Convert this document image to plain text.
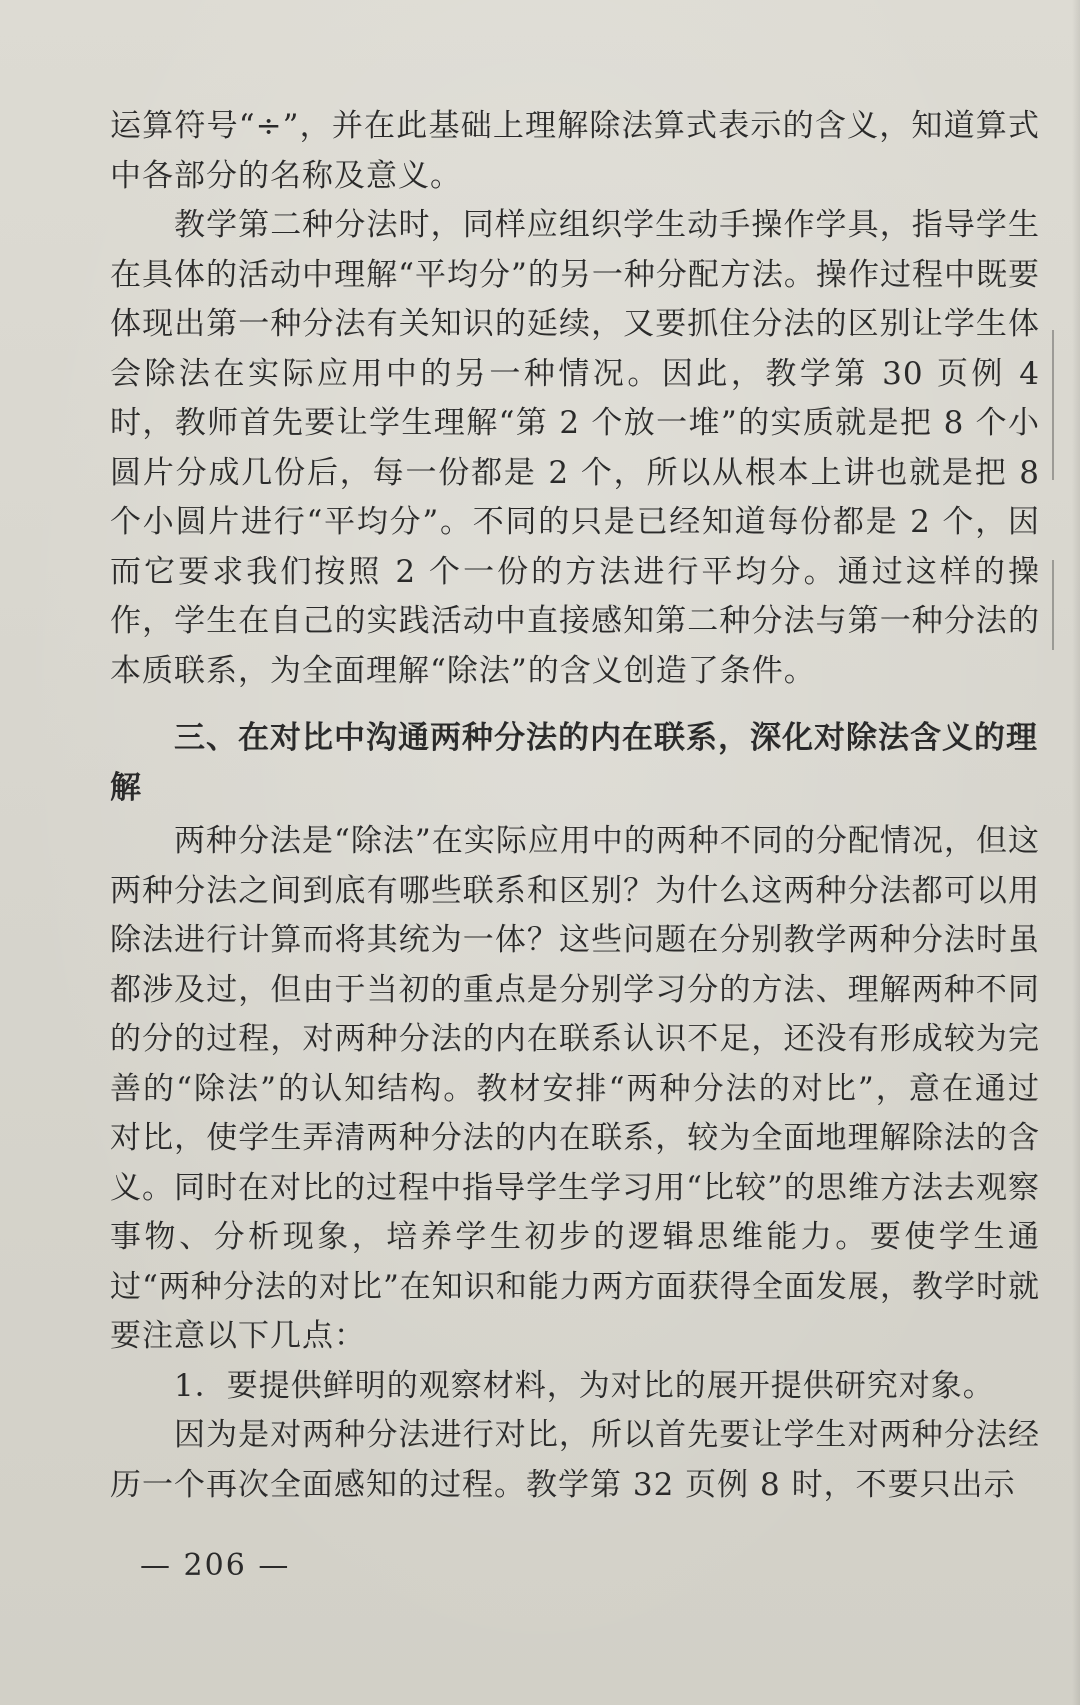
运算符号“÷”，并在此基础上理解除法算式表示的含义，知道算式中各部分的名称及意义。

教学第二种分法时，同样应组织学生动手操作学具，指导学生在具体的活动中理解“平均分”的另一种分配方法。操作过程中既要体现出第一种分法有关知识的延续，又要抓住分法的区别让学生体会除法在实际应用中的另一种情况。因此，教学第 30 页例 4 时，教师首先要让学生理解“第 2 个放一堆”的实质就是把 8 个小圆片分成几份后，每一份都是 2 个，所以从根本上讲也就是把 8 个小圆片进行“平均分”。不同的只是已经知道每份都是 2 个，因而它要求我们按照 2 个一份的方法进行平均分。通过这样的操作，学生在自己的实践活动中直接感知第二种分法与第一种分法的本质联系，为全面理解“除法”的含义创造了条件。

三、在对比中沟通两种分法的内在联系，深化对除法含义的理解

两种分法是“除法”在实际应用中的两种不同的分配情况，但这两种分法之间到底有哪些联系和区别？为什么这两种分法都可以用除法进行计算而将其统为一体？这些问题在分别教学两种分法时虽都涉及过，但由于当初的重点是分别学习分的方法、理解两种不同的分的过程，对两种分法的内在联系认识不足，还没有形成较为完善的“除法”的认知结构。教材安排“两种分法的对比”，意在通过对比，使学生弄清两种分法的内在联系，较为全面地理解除法的含义。同时在对比的过程中指导学生学习用“比较”的思维方法去观察事物、分析现象，培养学生初步的逻辑思维能力。要使学生通过“两种分法的对比”在知识和能力两方面获得全面发展，教学时就要注意以下几点：

1．要提供鲜明的观察材料，为对比的展开提供研究对象。

因为是对两种分法进行对比，所以首先要让学生对两种分法经历一个再次全面感知的过程。教学第 32 页例 8 时，不要只出示

— 206 —
